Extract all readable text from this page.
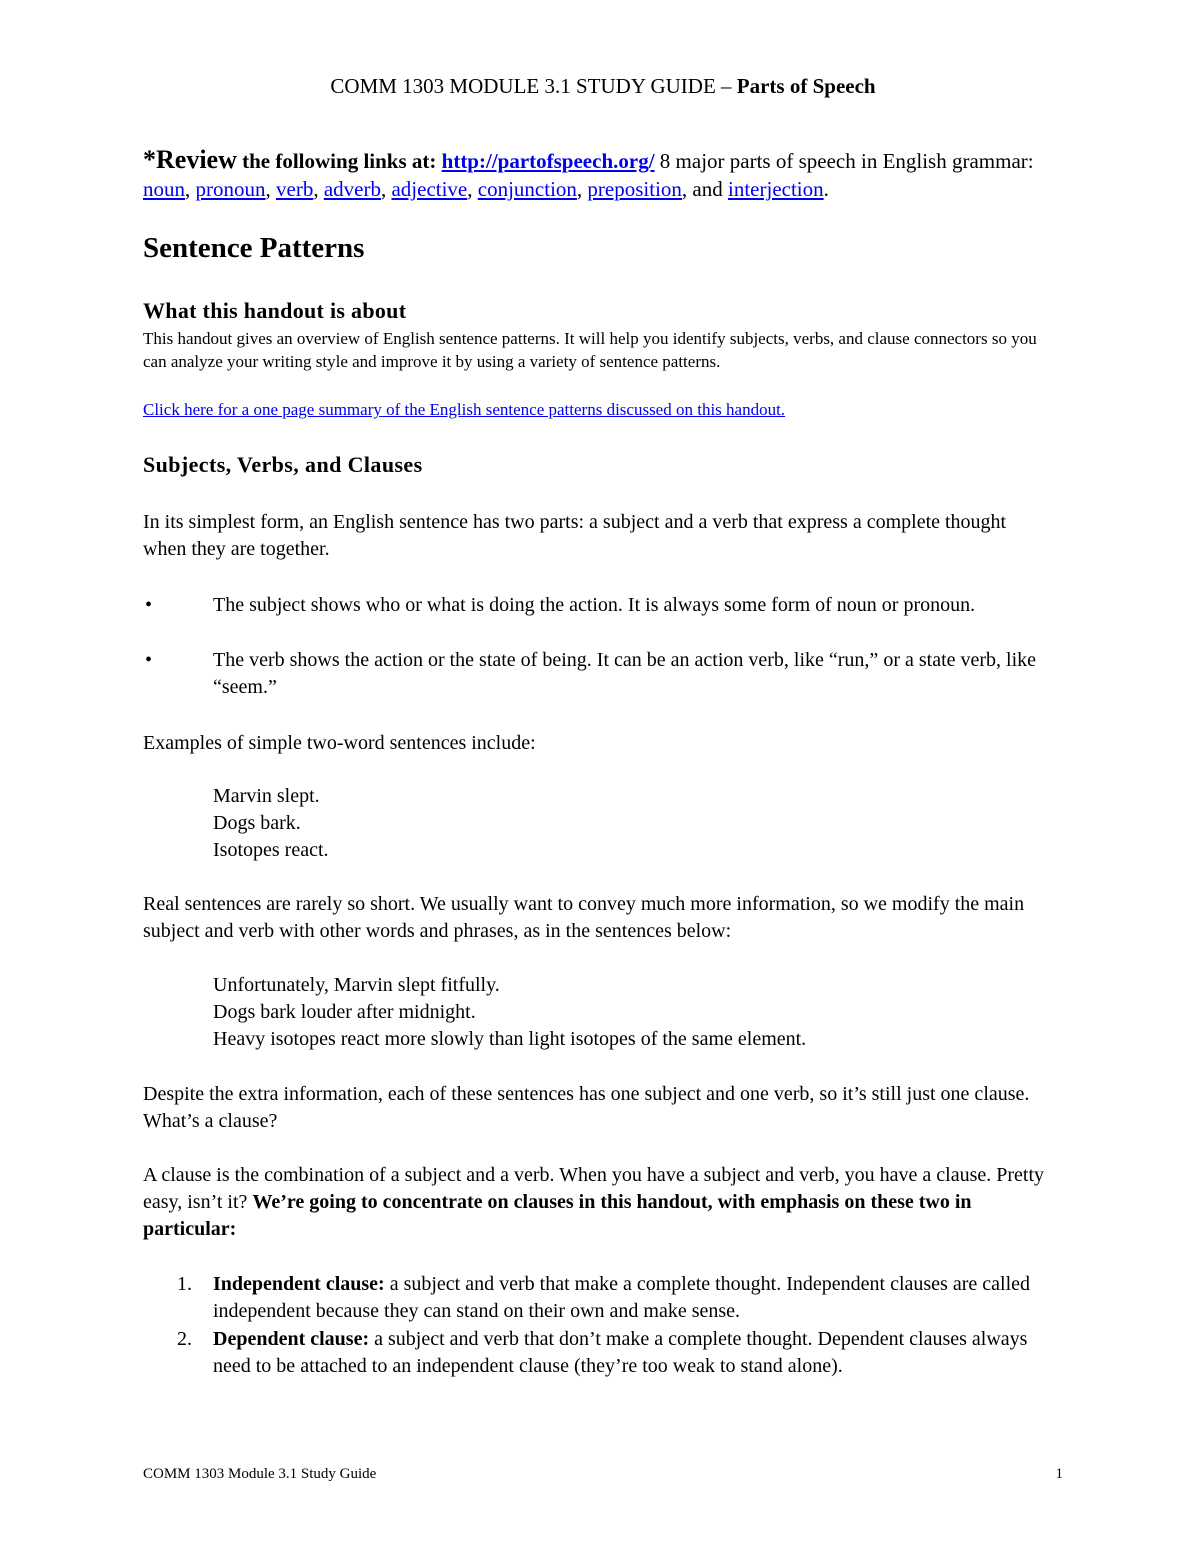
COMM 1303 MODULE 3.1 STUDY GUIDE – Parts of Speech
*Review the following links at: http://partofspeech.org/ 8 major parts of speech in English grammar: noun, pronoun, verb, adverb, adjective, conjunction, preposition, and interjection.
Sentence Patterns
What this handout is about
This handout gives an overview of English sentence patterns. It will help you identify subjects, verbs, and clause connectors so you can analyze your writing style and improve it by using a variety of sentence patterns.
Click here for a one page summary of the English sentence patterns discussed on this handout.
Subjects, Verbs, and Clauses
In its simplest form, an English sentence has two parts: a subject and a verb that express a complete thought when they are together.
•	The subject shows who or what is doing the action. It is always some form of noun or pronoun.
•	The verb shows the action or the state of being. It can be an action verb, like “run,” or a state verb, like “seem.”
Examples of simple two-word sentences include:
Marvin slept.
Dogs bark.
Isotopes react.
Real sentences are rarely so short. We usually want to convey much more information, so we modify the main subject and verb with other words and phrases, as in the sentences below:
Unfortunately, Marvin slept fitfully.
Dogs bark louder after midnight.
Heavy isotopes react more slowly than light isotopes of the same element.
Despite the extra information, each of these sentences has one subject and one verb, so it’s still just one clause. What’s a clause?
A clause is the combination of a subject and a verb. When you have a subject and verb, you have a clause. Pretty easy, isn’t it? We’re going to concentrate on clauses in this handout, with emphasis on these two in particular:
1. Independent clause: a subject and verb that make a complete thought. Independent clauses are called independent because they can stand on their own and make sense.
2. Dependent clause: a subject and verb that don’t make a complete thought. Dependent clauses always need to be attached to an independent clause (they’re too weak to stand alone).
COMM 1303 Module 3.1 Study Guide	1
